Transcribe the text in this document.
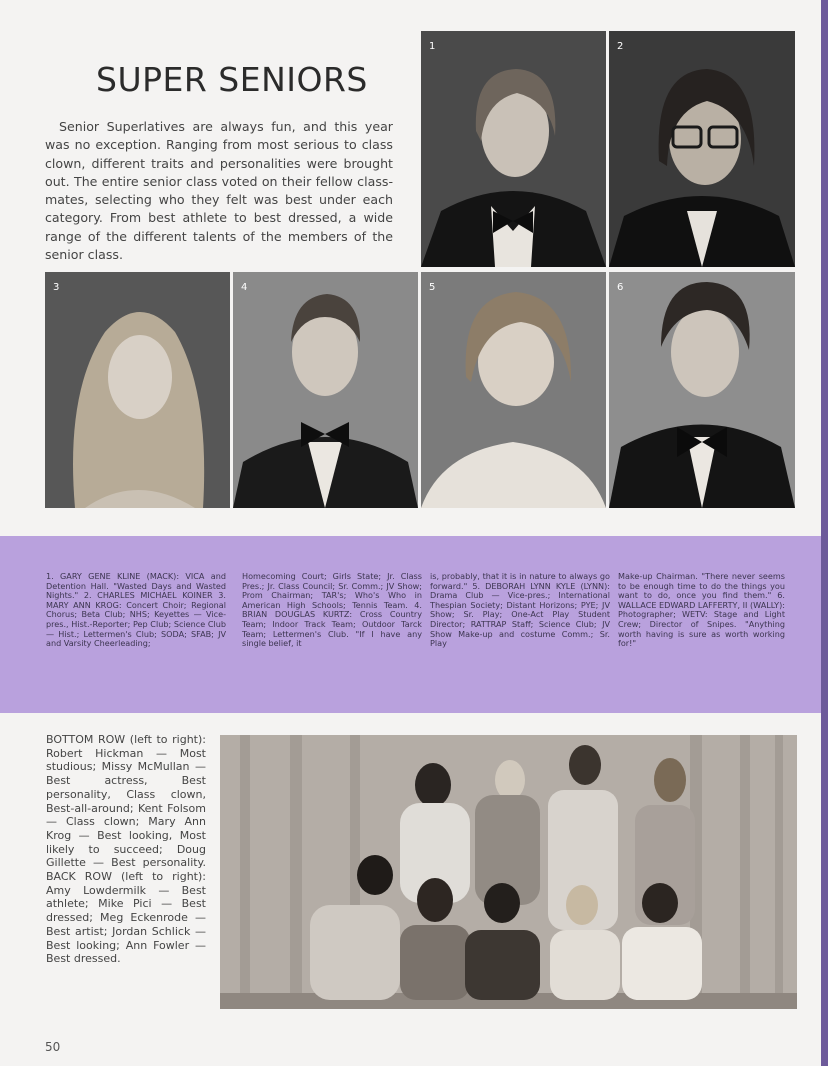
SUPER SENIORS

Senior Superlatives are always fun, and this year was no exception. Ranging from most serious to class clown, different traits and personalities were brought out. The entire senior class voted on their fellow class-mates, selecting who they felt was best under each category. From best athlete to best dressed, a wide range of the different talents of the members of the senior class.

1	2
3	4	5	6

1. GARY GENE KLINE (MACK): VICA and Detention Hall. "Wasted Days and Wasted Nights." 2. CHARLES MICHAEL KOINER 3. MARY ANN KROG: Concert Choir; Regional Chorus; Beta Club; NHS; Keyettes — Vice-pres., Hist.-Reporter; Pep Club; Science Club — Hist.; Lettermen's Club; SODA; SFAB; JV and Varsity Cheerleading;

Homecoming Court; Girls State; Jr. Class Pres.; Jr. Class Council; Sr. Comm.; JV Show; Prom Chairman; TAR's; Who's Who in American High Schools; Tennis Team. 4. BRIAN DOUGLAS KURTZ: Cross Country Team; Indoor Track Team; Outdoor Tarck Team; Lettermen's Club. "If I have any single belief, it

is, probably, that it is in nature to always go forward." 5. DEBORAH LYNN KYLE (LYNN): Drama Club — Vice-pres.; International Thespian Society; Distant Horizons; PYE; JV Show; Sr. Play; One-Act Play Student Director; RATTRAP Staff; Science Club; JV Show Make-up and costume Comm.; Sr. Play

Make-up Chairman. "There never seems to be enough time to do the things you want to do, once you find them." 6. WALLACE EDWARD LAFFERTY, II (WALLY): Photographer; WETV: Stage and Light Crew; Director of Snipes. "Anything worth having is sure as worth working for!"

BOTTOM ROW (left to right): Robert Hickman — Most studious; Missy McMullan — Best actress, Best personality, Class clown, Best-all-around; Kent Folsom — Class clown; Mary Ann Krog — Best looking, Most likely to succeed; Doug Gillette — Best personality. BACK ROW (left to right): Amy Lowdermilk — Best athlete; Mike Pici — Best dressed; Meg Eckenrode — Best artist; Jordan Schlick — Best looking; Ann Fowler — Best dressed.

50
